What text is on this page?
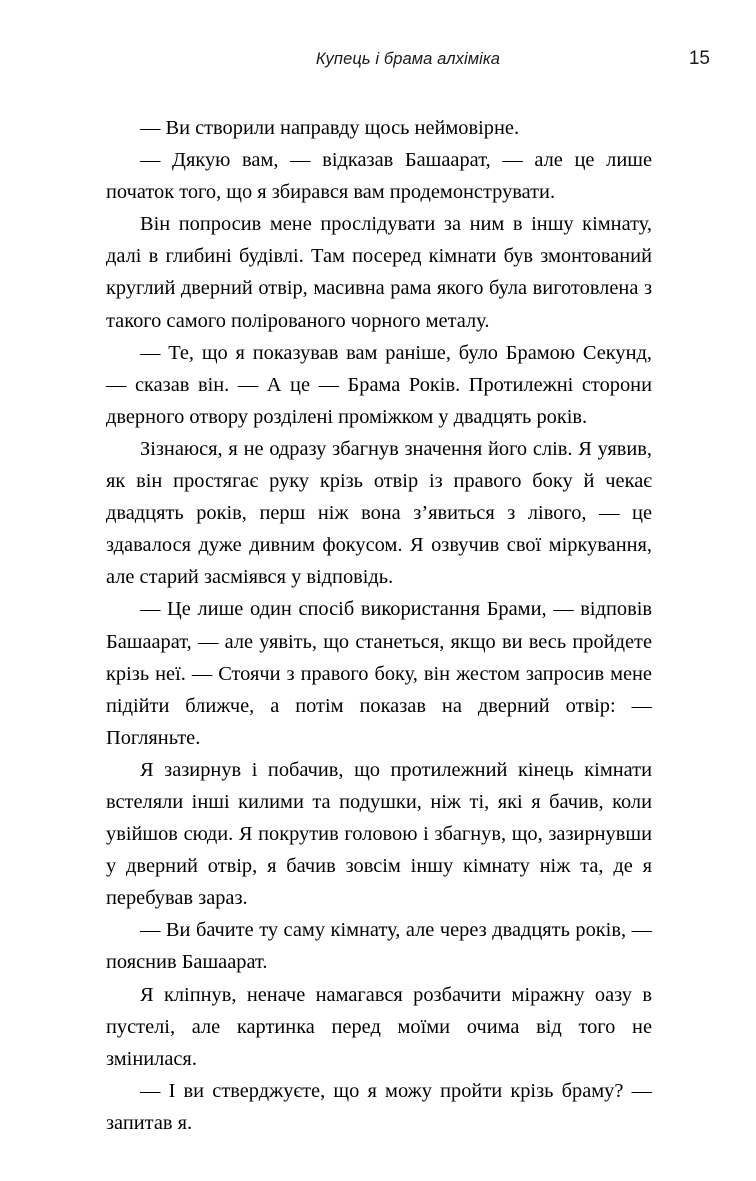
Купець і брама алхіміка	15

— Ви створили направду щось неймовірне.

— Дякую вам, — відказав Башаарат, — але це лише початок того, що я збирався вам продемонструвати.

Він попросив мене прослідувати за ним в іншу кімнату, далі в глибині будівлі. Там посеред кімнати був змонтований круглий дверний отвір, масивна рама якого була виготовлена з такого самого полірованого чорного металу.

— Те, що я показував вам раніше, було Брамою Секунд, — сказав він. — А це — Брама Років. Протилежні сторони дверного отвору розділені проміжком у двадцять років.

Зізнаюся, я не одразу збагнув значення його слів. Я уявив, як він простягає руку крізь отвір із правого боку й чекає двадцять років, перш ніж вона з’явиться з лівого, — це здавалося дуже дивним фокусом. Я озвучив свої міркування, але старий засміявся у відповідь.

— Це лише один спосіб використання Брами, — відповів Башаарат, — але уявіть, що станеться, якщо ви весь пройдете крізь неї. — Стоячи з правого боку, він жестом запросив мене підійти ближче, а потім показав на дверний отвір: — Погляньте.

Я зазирнув і побачив, що протилежний кінець кімнати встеляли інші килими та подушки, ніж ті, які я бачив, коли увійшов сюди. Я покрутив головою і збагнув, що, зазирнувши у дверний отвір, я бачив зовсім іншу кімнату ніж та, де я перебував зараз.

— Ви бачите ту саму кімнату, але через двадцять років, — пояснив Башаарат.

Я кліпнув, неначе намагався розбачити міражну оазу в пустелі, але картинка перед моїми очима від того не змінилася.

— І ви стверджуєте, що я можу пройти крізь браму? — запитав я.
